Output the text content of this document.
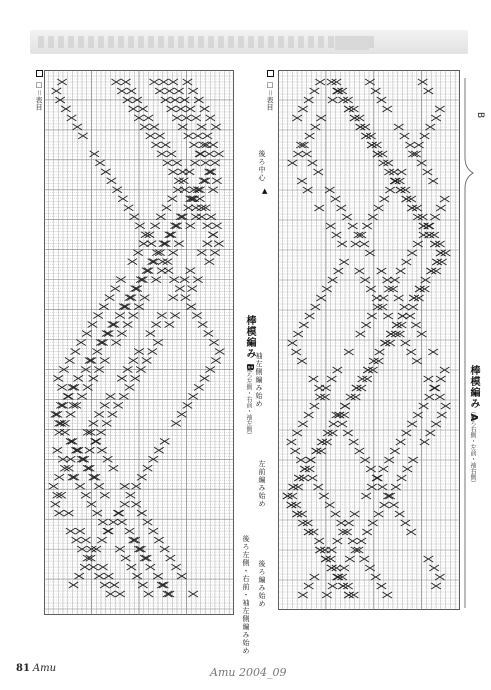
□＝表目	□＝表目
棒模編み B
（後ろ左側・右前・袖左側）
後ろ左側・右前・袖左側編み始め
袖左側編み始め	棒模編み A
（後ろ右側・左前・袖右側）
後ろ中心
▲
左前編み始め
後ろ編み始め
B
81 Amu	Amu 2004_09
